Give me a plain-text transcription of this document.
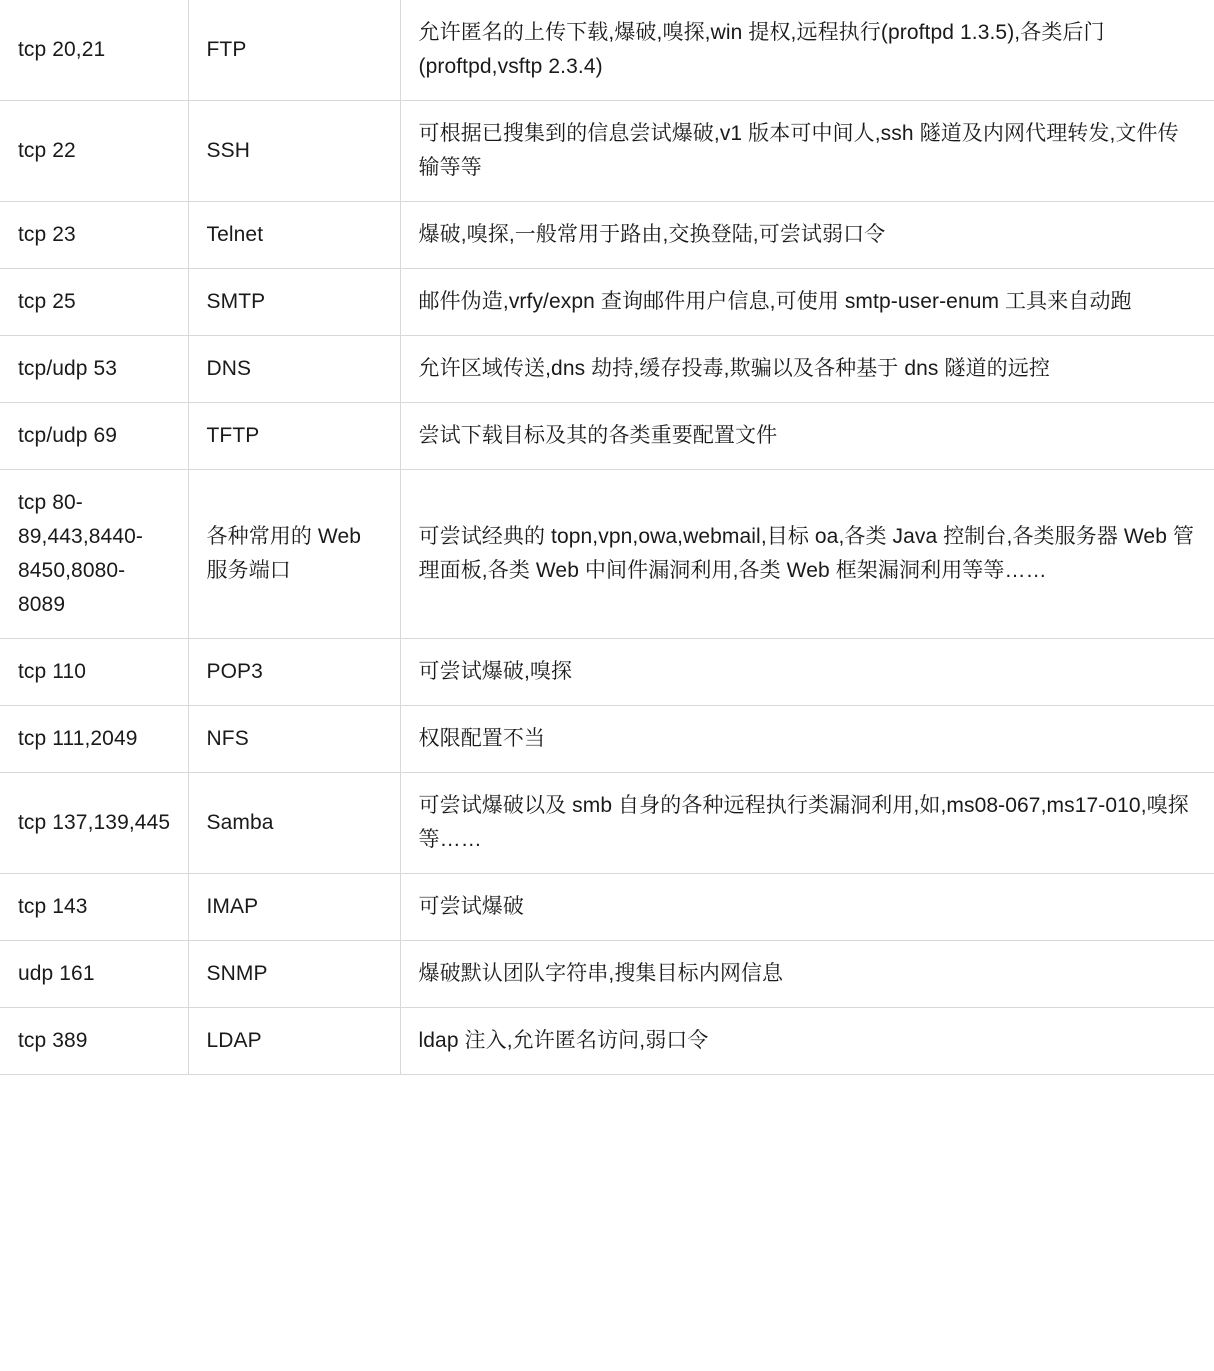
tcp 20,21	FTP	允许匿名的上传下载,爆破,嗅探,win 提权,远程执行(proftpd 1.3.5),各类后门(proftpd,vsftp 2.3.4)
tcp 22	SSH	可根据已搜集到的信息尝试爆破,v1 版本可中间人,ssh 隧道及内网代理转发,文件传输等等
tcp 23	Telnet	爆破,嗅探,一般常用于路由,交换登陆,可尝试弱口令
tcp 25	SMTP	邮件伪造,vrfy/expn 查询邮件用户信息,可使用 smtp-user-enum 工具来自动跑
tcp/udp 53	DNS	允许区域传送,dns 劫持,缓存投毒,欺骗以及各种基于 dns 隧道的远控
tcp/udp 69	TFTP	尝试下载目标及其的各类重要配置文件
tcp 80-89,443,8440-8450,8080-8089	各种常用的 Web 服务端口	可尝试经典的 topn,vpn,owa,webmail,目标 oa,各类 Java 控制台,各类服务器 Web 管理面板,各类 Web 中间件漏洞利用,各类 Web 框架漏洞利用等等……
tcp 110	POP3	可尝试爆破,嗅探
tcp 111,2049	NFS	权限配置不当
tcp 137,139,445	Samba	可尝试爆破以及 smb 自身的各种远程执行类漏洞利用,如,ms08-067,ms17-010,嗅探等……
tcp 143	IMAP	可尝试爆破
udp 161	SNMP	爆破默认团队字符串,搜集目标内网信息
tcp 389	LDAP	ldap 注入,允许匿名访问,弱口令
